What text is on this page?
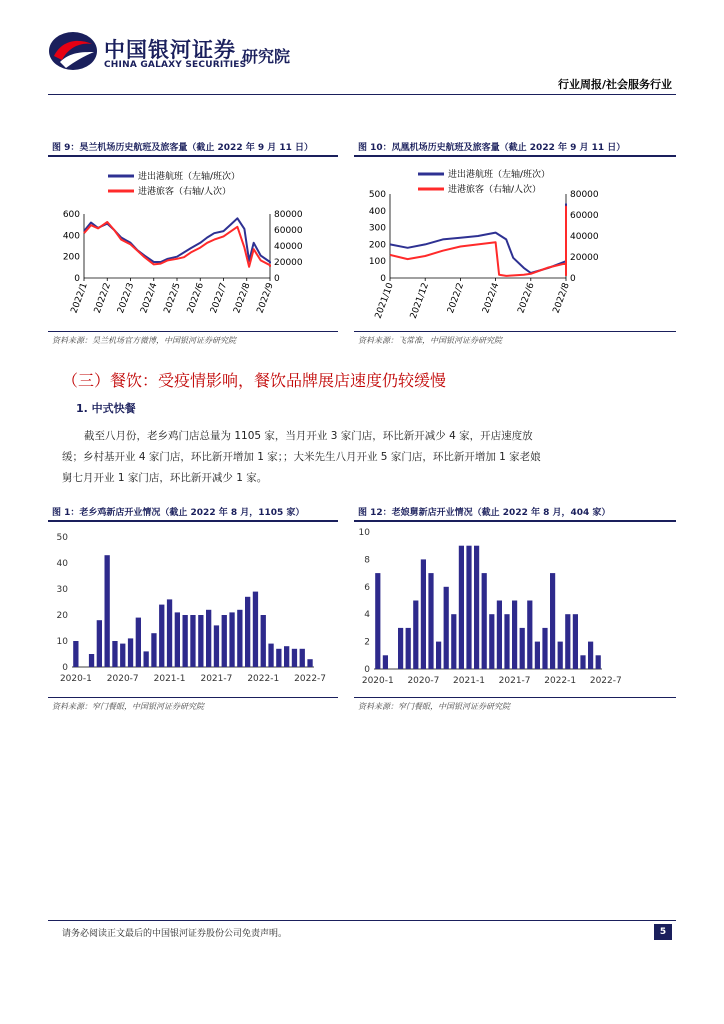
中国银河证券
CHINA GALAXY SECURITIES
研究院
行业周报/社会服务行业
图 9：昊兰机场历史航班及旅客量（截止 2022 年 9 月 11 日）
600
400
200
0
80000
60000
40000
20000
0
2022/1 2022/2 2022/3 2022/4 2022/5 2022/6 2022/7 2022/8 2022/9
进出港航班（左轴/班次）
进港旅客（右轴/人次）
资料来源：昊兰机场官方微博，中国银河证券研究院
图 10：凤凰机场历史航班及旅客量（截止 2022 年 9 月 11 日）
500
400
300
200
100
0
80000
60000
40000
20000
0
2021/10 2021/12 2022/2 2022/4 2022/6 2022/8
进出港航班（左轴/班次）
进港旅客（右轴/人次）
资料来源：飞常准，中国银河证券研究院
（三）餐饮：受疫情影响，餐饮品牌展店速度仍较缓慢
1. 中式快餐
截至八月份，老乡鸡门店总量为 1105 家，当月开业 3 家门店，环比新开减少 4 家，开店速度放缓；乡村基开业 4 家门店，环比新开增加 1 家；；大米先生八月开业 5 家门店，环比新开增加 1 家老娘舅七月开业 1 家门店，环比新开减少 1 家。
图 1：老乡鸡新店开业情况（截止 2022 年 8 月，1105 家）
50
40
30
20
10
0
2020-1 2020-7 2021-1 2021-7 2022-1 2022-7
资料来源：窄门餐眼，中国银河证券研究院
图 12：老娘舅新店开业情况（截止 2022 年 8 月，404 家）
10
8
6
4
2
0
2020-1 2020-7 2021-1 2021-7 2022-1 2022-7
资料来源：窄门餐眼，中国银河证券研究院
请务必阅读正文最后的中国银河证券股份公司免责声明。	5
